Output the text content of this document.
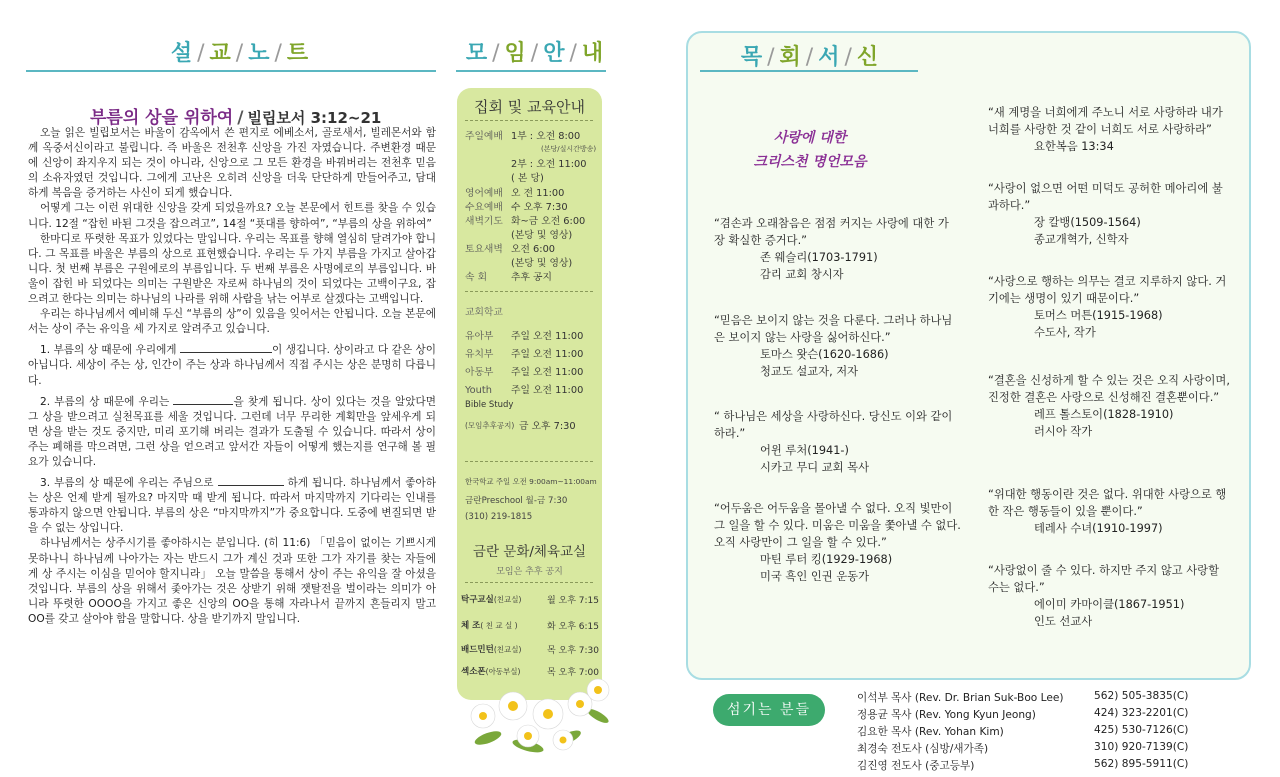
설 / 교 / 노 / 트	모 / 임 / 안 / 내
부름의 상을 위하여 / 빌립보서 3:12~21

오늘 읽은 빌립보서는 바울이 감옥에서 쓴 편지로 에베소서, 골로새서, 빌레몬서와 함께 옥중서신이라고 불립니다. 즉 바울은 전천후 신앙을 가진 자였습니다. 주변환경 때문에 신앙이 좌지우지 되는 것이 아니라, 신앙으로 그 모든 환경을 바꿔버리는 전천후 믿음의 소유자였던 것입니다. 그에게 고난은 오히려 신앙을 더욱 단단하게 만들어주고, 담대하게 복음을 증거하는 사신이 되게 했습니다.

어떻게 그는 이런 위대한 신앙을 갖게 되었을까요? 오늘 본문에서 힌트를 찾을 수 있습니다. 12절 “잡힌 바된 그것을 잡으려고”, 14절 “푯대를 향하여”, “부름의 상을 위하여”

한마디로 뚜렷한 목표가 있었다는 말입니다. 우리는 목표를 향해 열심히 달려가야 합니다. 그 목표를 바울은 부름의 상으로 표현했습니다. 우리는 두 가지 부름을 가지고 살아갑니다. 첫 번째 부름은 구원에로의 부름입니다. 두 번째 부름은 사명에로의 부름입니다. 바울이 잡힌 바 되었다는 의미는 구원받은 자로써 하나님의 것이 되었다는 고백이구요, 잡으려고 한다는 의미는 하나님의 나라를 위해 사람을 낚는 어부로 살겠다는 고백입니다.

우리는 하나님께서 예비해 두신 “부름의 상”이 있음을 잊어서는 안됩니다. 오늘 본문에서는 상이 주는 유익을 세 가지로 알려주고 있습니다.

1. 부름의 상 때문에 우리에게	이 생깁니다. 상이라고 다 같은 상이 아닙니다. 세상이 주는 상, 인간이 주는 상과 하나님께서 직접 주시는 상은 분명히 다릅니다.

2. 부름의 상 때문에 우리는	을 찾게 됩니다. 상이 있다는 것을 알았다면 그 상을 받으려고 실천목표를 세울 것입니다. 그런데 너무 무리한 계획만을 앞세우게 되면 상을 받는 것도 중지만, 미리 포기해 버리는 결과가 도출될 수 있습니다. 따라서 상이 주는 폐해를 막으려면, 그런 상을 얻으려고 앞서간 자들이 어떻게 했는지를 연구해 볼 필요가 있습니다.

3. 부름의 상 때문에 우리는 주님으로	하게 됩니다. 하나님께서 좋아하는 상은 언제 받게 될까요? 마지막 때 받게 됩니다. 따라서 마지막까지 기다리는 인내를 통과하지 않으면 안됩니다. 부름의 상은 “마지막까지”가 중요합니다. 도중에 변질되면 받을 수 없는 상입니다.

하나님께서는 상주시기를 좋아하시는 분입니다. (히 11:6) 「믿음이 없이는 기쁘시게 못하나니 하나님께 나아가는 자는 반드시 그가 계신 것과 또한 그가 자기를 찾는 자들에게 상 주시는 이심을 믿어야 할지니라」 오늘 말씀을 통해서 상이 주는 유익을 잘 아셨을 것입니다. 부름의 상을 위해서 좇아가는 것은 상받기 위해 잿탈전을 벌이라는 의미가 아니라 뚜렷한 OOOO을 가지고 좋은 신앙의 OO을 통해 자라나서 끝까지 흔들리지 말고 OO를 갖고 살아야 함을 말합니다. 상을 받기까지 말입니다.

집회 및 교육안내
주일예배 1부 : 오전 8:00
(본당/실시간방송)
2부 : 오전 11:00
( 본 당)
영어예배 오 전 11:00
수요예배 수 오후 7:30
새벽기도 화~금 오전 6:00
(본당 및 영상)
토요새벽 오전 6:00
(본당 및 영상)
속 회 추후 공지
교회학교
유아부 주일 오전 11:00
유치부 주일 오전 11:00
아동부 주일 오전 11:00
Youth 주일 오전 11:00
Bible Study
(모임추후공지) 금 오후 7:30
한국학교 주일 오전 9:00am~11:00am
금란Preschool 월-금 7:30
(310) 219-1815
금란 문화/체육교실
모임은 추후 공지
탁구교실(친교실)	월 오후 7:15
체 조( 친 교 실 )	화 오후 6:15
배드민턴(친교실)	목 오후 7:30
섹소폰(아동부실)	목 오후 7:00
목 / 회 / 서 / 신
사랑에 대한
크리스천 명언모음
“겸손과 오래참음은 점점 커지는 사랑에 대한 가장 확실한 증거다.”
존 웨슬리(1703-1791)
감리 교회 창시자
“믿음은 보이지 않는 것을 다룬다. 그러나 하나님은 보이지 않는 사랑을 싫어하신다.”
토마스 왓슨(1620-1686)
청교도 설교자, 저자
“ 하나님은 세상을 사랑하신다. 당신도 이와 같이 하라.”
어윈 루처(1941-)
시카고 무디 교회 목사
“어두움은 어두움을 몰아낼 수 없다. 오직 빛만이 그 일을 할 수 있다. 미움은 미움을 쫓아낼 수 없다. 오직 사랑만이 그 일을 할 수 있다.”
마틴 루터 킹(1929-1968)
미국 흑인 인권 운동가
“새 계명을 너희에게 주노니 서로 사랑하라 내가 너희를 사랑한 것 같이 너희도 서로 사랑하라”
요한복음 13:34
“사랑이 없으면 어떤 미덕도 공허한 메아리에 불과하다.”
장 칼뱅(1509-1564)
종교개혁가, 신학자
“사랑으로 행하는 의무는 결코 지루하지 않다. 거기에는 생명이 있기 때문이다.”
토머스 머튼(1915-1968)
수도사, 작가
“결혼을 신성하게 할 수 있는 것은 오직 사랑이며, 진정한 결혼은 사랑으로 신성해진 결혼뿐이다.”
레프 톨스토이(1828-1910)
러시아 작가
“위대한 행동이란 것은 없다. 위대한 사랑으로 행한 작은 행동들이 있을 뿐이다.”
테레사 수녀(1910-1997)
“사랑없이 줄 수 있다. 하지만 주지 않고 사랑할 수는 없다.”
에이미 카마이클(1867-1951)
인도 선교사
섬기는 분들
이석부 목사 (Rev. Dr. Brian Suk-Boo Lee)	562) 505-3835(C)
정용균 목사 (Rev. Yong Kyun Jeong)	424) 323-2201(C)
김요한 목사 (Rev. Yohan Kim)	425) 530-7126(C)
최경숙 전도사 (심방/새가족)	310) 920-7139(C)
김진영 전도사 (중고등부)	562) 895-5911(C)
